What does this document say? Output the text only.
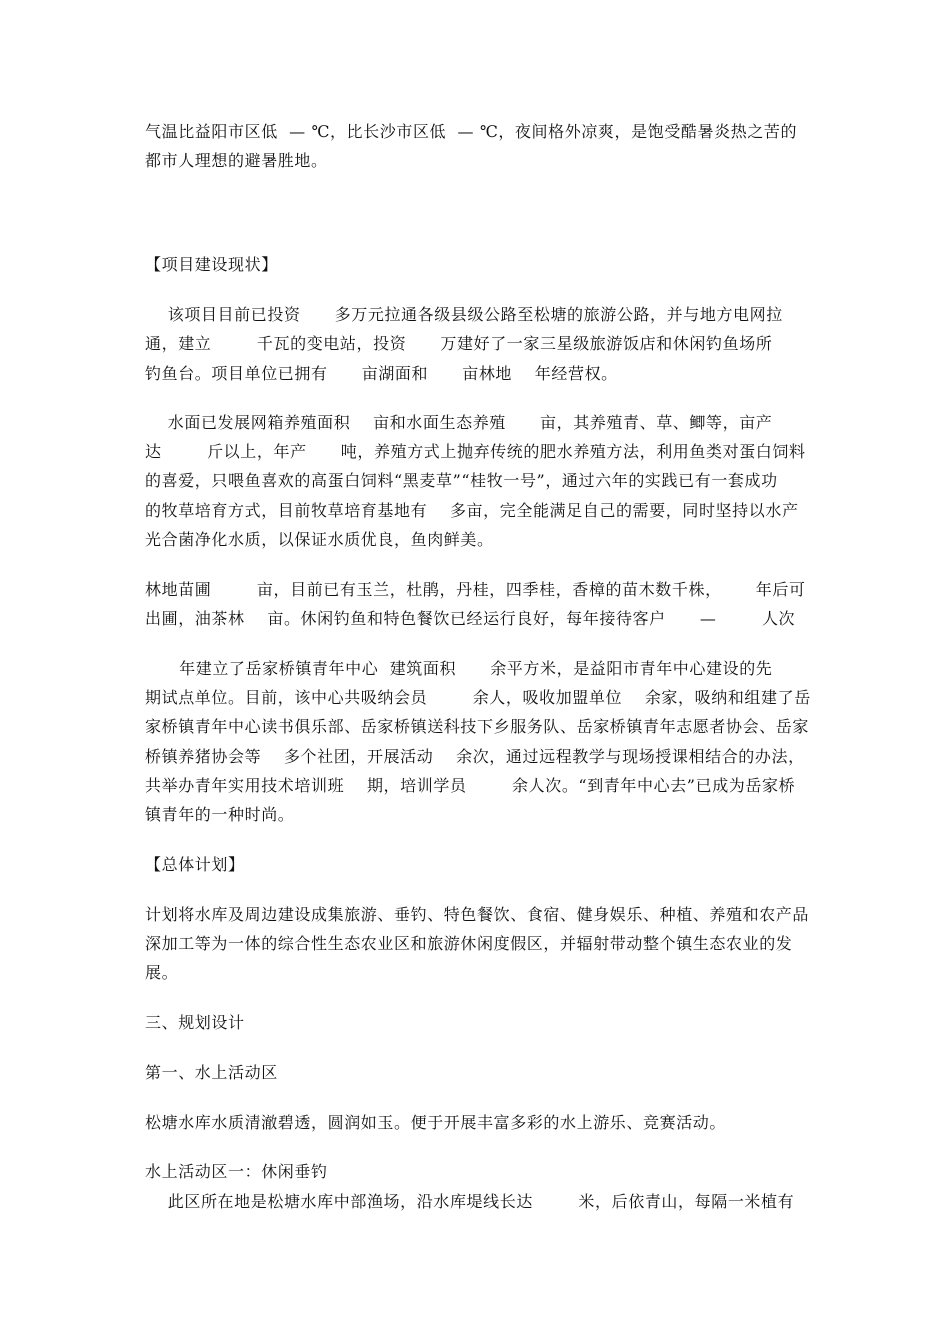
气温比益阳市区低  — ℃，比长沙市区低  — ℃，夜间格外凉爽，是饱受酷暑炎热之苦的
都市人理想的避暑胜地。
【项目建设现状】
该项目目前已投资      多万元拉通各级县级公路至松塘的旅游公路，并与地方电网拉
通，建立        千瓦的变电站，投资      万建好了一家三星级旅游饭店和休闲钓鱼场所
钓鱼台。项目单位已拥有      亩湖面和      亩林地    年经营权。
水面已发展网箱养殖面积    亩和水面生态养殖      亩，其养殖青、草、鲫等，亩产
达        斤以上，年产      吨，养殖方式上抛弃传统的肥水养殖方法，利用鱼类对蛋白饲料
的喜爱，只喂鱼喜欢的高蛋白饲料“黑麦草”“桂牧一号”，通过六年的实践已有一套成功
的牧草培育方式，目前牧草培育基地有    多亩，完全能满足自己的需要，同时坚持以水产
光合菌净化水质，以保证水质优良，鱼肉鲜美。
林地苗圃        亩，目前已有玉兰，杜鹃，丹桂，四季桂，香樟的苗木数千株，      年后可
出圃，油茶林    亩。休闲钓鱼和特色餐饮已经运行良好，每年接待客户      —        人次
年建立了岳家桥镇青年中心  建筑面积      余平方米，是益阳市青年中心建设的先
期试点单位。目前，该中心共吸纳会员        余人，吸收加盟单位    余家，吸纳和组建了岳
家桥镇青年中心读书俱乐部、岳家桥镇送科技下乡服务队、岳家桥镇青年志愿者协会、岳家
桥镇养猪协会等    多个社团，开展活动    余次，通过远程教学与现场授课相结合的办法，
共举办青年实用技术培训班    期，培训学员        余人次。“到青年中心去”已成为岳家桥
镇青年的一种时尚。
【总体计划】
计划将水库及周边建设成集旅游、垂钓、特色餐饮、食宿、健身娱乐、种植、养殖和农产品
深加工等为一体的综合性生态农业区和旅游休闲度假区，并辐射带动整个镇生态农业的发
展。
三、规划设计
第一、水上活动区
松塘水库水质清澈碧透，圆润如玉。便于开展丰富多彩的水上游乐、竞赛活动。
水上活动区一：休闲垂钓
此区所在地是松塘水库中部渔场，沿水库堤线长达        米，后依青山，每隔一米植有
